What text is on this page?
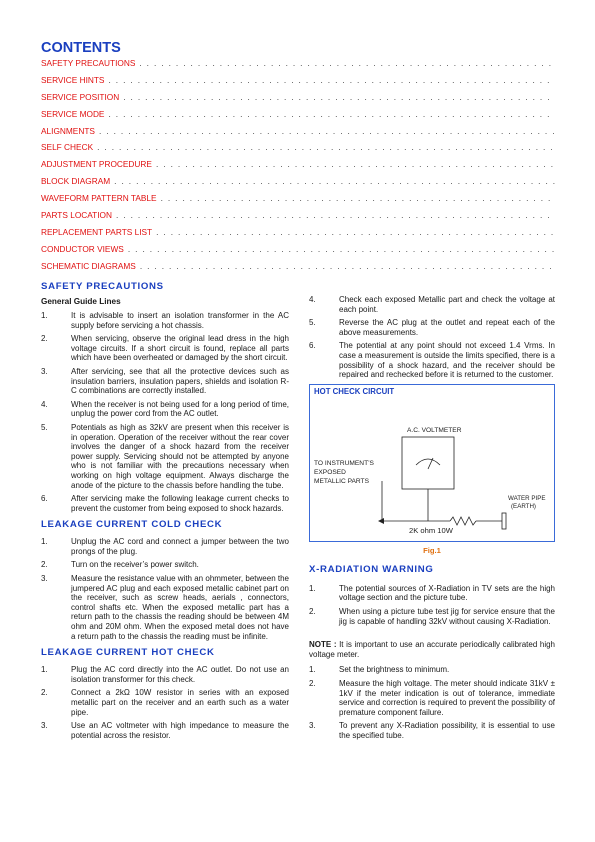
CONTENTS
SAFETY PRECAUTIONS
. . .
SERVICE HINTS
. . .
SERVICE POSITION
. . .
SERVICE MODE
. . .
ALIGNMENTS
. . .
SELF CHECK
. . .
ADJUSTMENT PROCEDURE
. . .
BLOCK DIAGRAM
. . .
WAVEFORM PATTERN TABLE
. . .
PARTS LOCATION
. . .
REPLACEMENT PARTS LIST
. . .
CONDUCTOR VIEWS
. . .
SCHEMATIC DIAGRAMS
. . .
SAFETY PRECAUTIONS
General Guide Lines
1.	It is advisable to insert an isolation transformer in the AC supply before servicing a hot chassis.
2.	When servicing, observe the original lead dress in the high voltage circuits. If a short circuit is found, replace all parts which have been overheated or damaged by the short circuit.
3.	After servicing, see that all the protective devices such as insulation barriers, insulation papers, shields and isolation R-C combinations are correctly installed.
4.	When the receiver is not being used for a long period of time, unplug the power cord from the AC outlet.
5.	Potentials as high as 32kV are present when this receiver is in operation. Operation of the receiver without the rear cover involves the danger of a shock hazard from the receiver power supply. Servicing should not be attempted by anyone who is not familiar with the precautions necessary when working on high voltage equipment. Always discharge the anode of the picture to the chassis before handling the tube.
6.	After servicing make the following leakage current checks to prevent the customer from being exposed to shock hazards.
LEAKAGE CURRENT COLD CHECK
1.	Unplug the AC cord and connect a jumper between the two prongs of the plug.
2.	Turn on the receiver’s power switch.
3.	Measure the resistance value with an ohmmeter, between the jumpered AC plug and each exposed metallic cabinet part on the receiver, such as screw heads, aerials , connectors, control shafts etc. When the exposed metallic part has a return path to the chassis the reading should be between 4M ohm and 20M ohm. When the exposed metal does not have a return path to the chassis the reading must be infinite.
LEAKAGE CURRENT HOT CHECK
1.	Plug the AC cord directly into the AC outlet. Do not use an isolation transformer for this check.
2.	Connect a 2kΩ 10W resistor in series with an exposed metallic part on the receiver and an earth such as a water pipe.
3.	Use an AC voltmeter with high impedance to measure the potential across the resistor.
4.	Check each exposed Metallic part and check the voltage at each point.
5.	Reverse the AC plug at the outlet and repeat each of the above measurements.
6.	The potential at any point should not exceed 1.4 Vrms. In case a measurement is outside the limits specified, there is a possibility of a shock hazard, and the receiver should be repaired and rechecked before it is returned to the customer.
A.C. VOLTMETER
TO INSTRUMENT’S
EXPOSED
METALLIC PARTS
WATER PIPE
(EARTH)
2K ohm 10W
HOT CHECK CIRCUIT
Fig.1
X-RADIATION WARNING
1.	The potential sources of X-Radiation in TV sets are the high voltage section and the picture tube.
2.	When using a picture tube test jig for service ensure that the jig is capable of handling 32kV without causing X-Radiation.
NOTE : It is important to use an accurate periodically calibrated high voltage meter.
1.	Set the brightness to minimum.
2.	Measure the high voltage. The meter should indicate 31kV ± 1kV if the meter indication is out of tolerance, immediate service and correction is required to prevent the possibility of premature component failure.
3.	To prevent any X-Radiation possibility, it is essential to use the specified tube.
